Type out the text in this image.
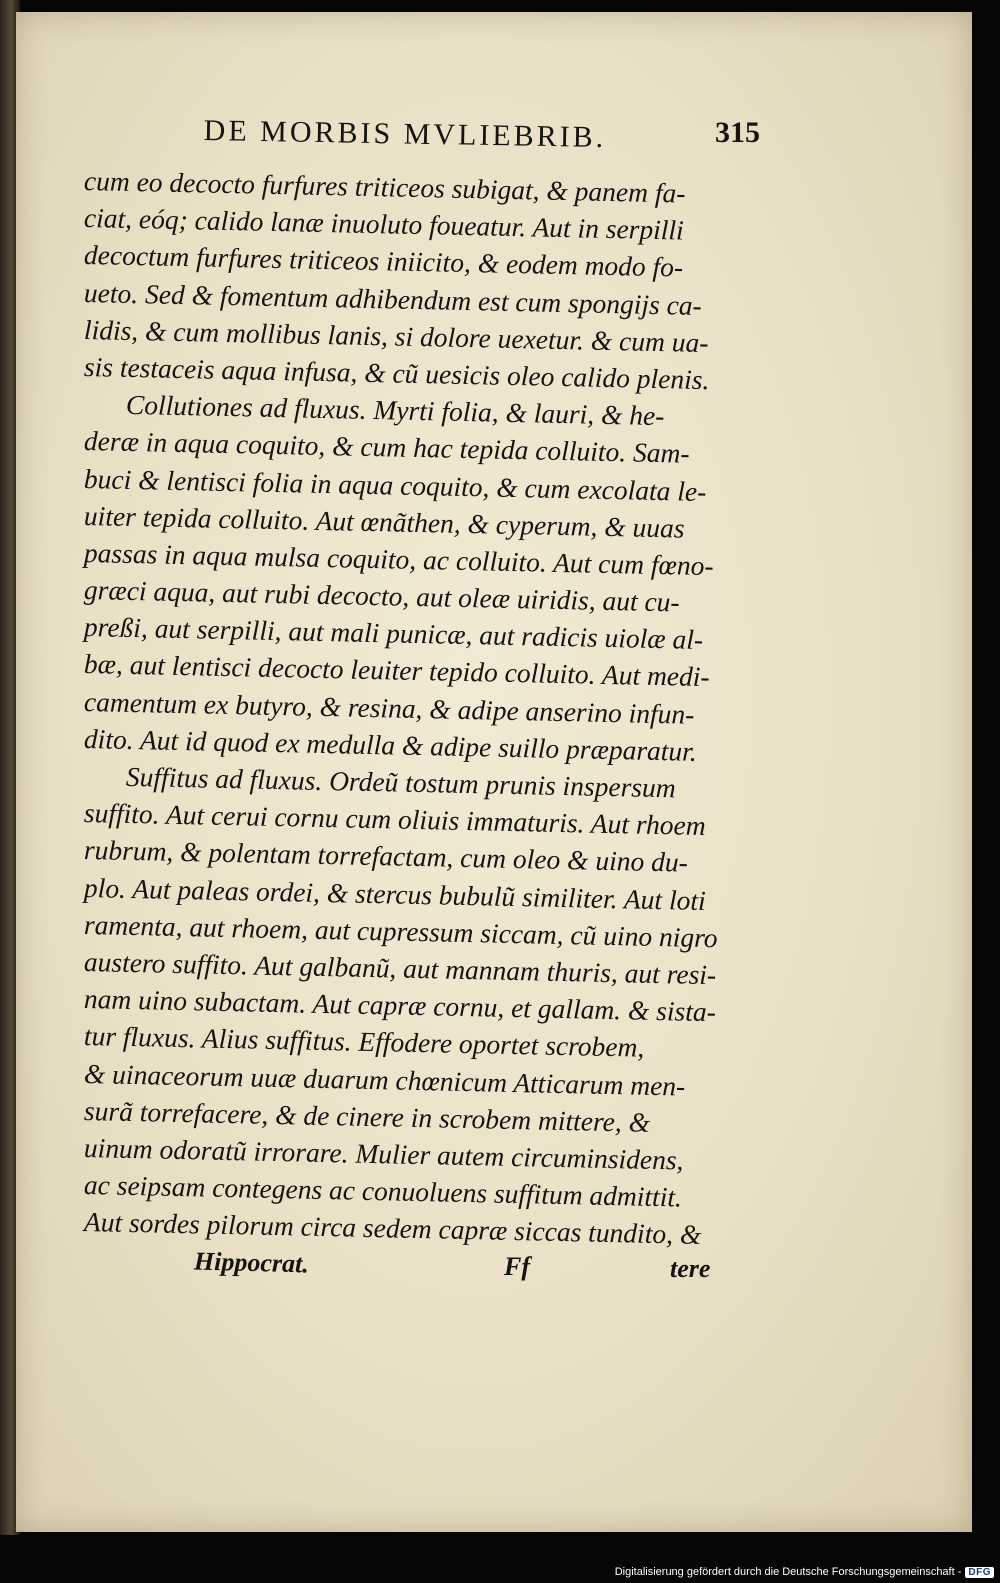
DE MORBIS MVLIEBRIB.	315
cum eo decocto furfures triticeos subigat, & panem fa-
ciat, eóq; calido lanæ inuoluto foueatur. Aut in serpilli
decoctum furfures triticeos iniicito, & eodem modo fo-
ueto. Sed & fomentum adhibendum est cum spongijs ca-
lidis, & cum mollibus lanis, si dolore uexetur. & cum ua-
sis testaceis aqua infusa, & cũ uesicis oleo calido plenis.
Collutiones ad fluxus. Myrti folia, & lauri, & he-
deræ in aqua coquito, & cum hac tepida colluito. Sam-
buci & lentisci folia in aqua coquito, & cum excolata le-
uiter tepida colluito. Aut œnãthen, & cyperum, & uuas
passas in aqua mulsa coquito, ac colluito. Aut cum fœno-
græci aqua, aut rubi decocto, aut oleæ uiridis, aut cu-
preßi, aut serpilli, aut mali punicæ, aut radicis uiolæ al-
bæ, aut lentisci decocto leuiter tepido colluito. Aut medi-
camentum ex butyro, & resina, & adipe anserino infun-
dito. Aut id quod ex medulla & adipe suillo præparatur.
Suffitus ad fluxus. Ordeũ tostum prunis inspersum
suffito. Aut cerui cornu cum oliuis immaturis. Aut rhoem
rubrum, & polentam torrefactam, cum oleo & uino du-
plo. Aut paleas ordei, & stercus bubulũ similiter. Aut loti
ramenta, aut rhoem, aut cupressum siccam, cũ uino nigro
austero suffito. Aut galbanũ, aut mannam thuris, aut resi-
nam uino subactam. Aut capræ cornu, et gallam. & sista-
tur fluxus. Alius suffitus. Effodere oportet scrobem,
& uinaceorum uuæ duarum chœnicum Atticarum men-
surã torrefacere, & de cinere in scrobem mittere, &
uinum odoratũ irrorare. Mulier autem circuminsidens,
ac seipsam contegens ac conuoluens suffitum admittit.
Aut sordes pilorum circa sedem capræ siccas tundito, &
Hippocrat.	Ff	tere
Digitalisierung gefördert durch die Deutsche Forschungsgemeinschaft - DFG
